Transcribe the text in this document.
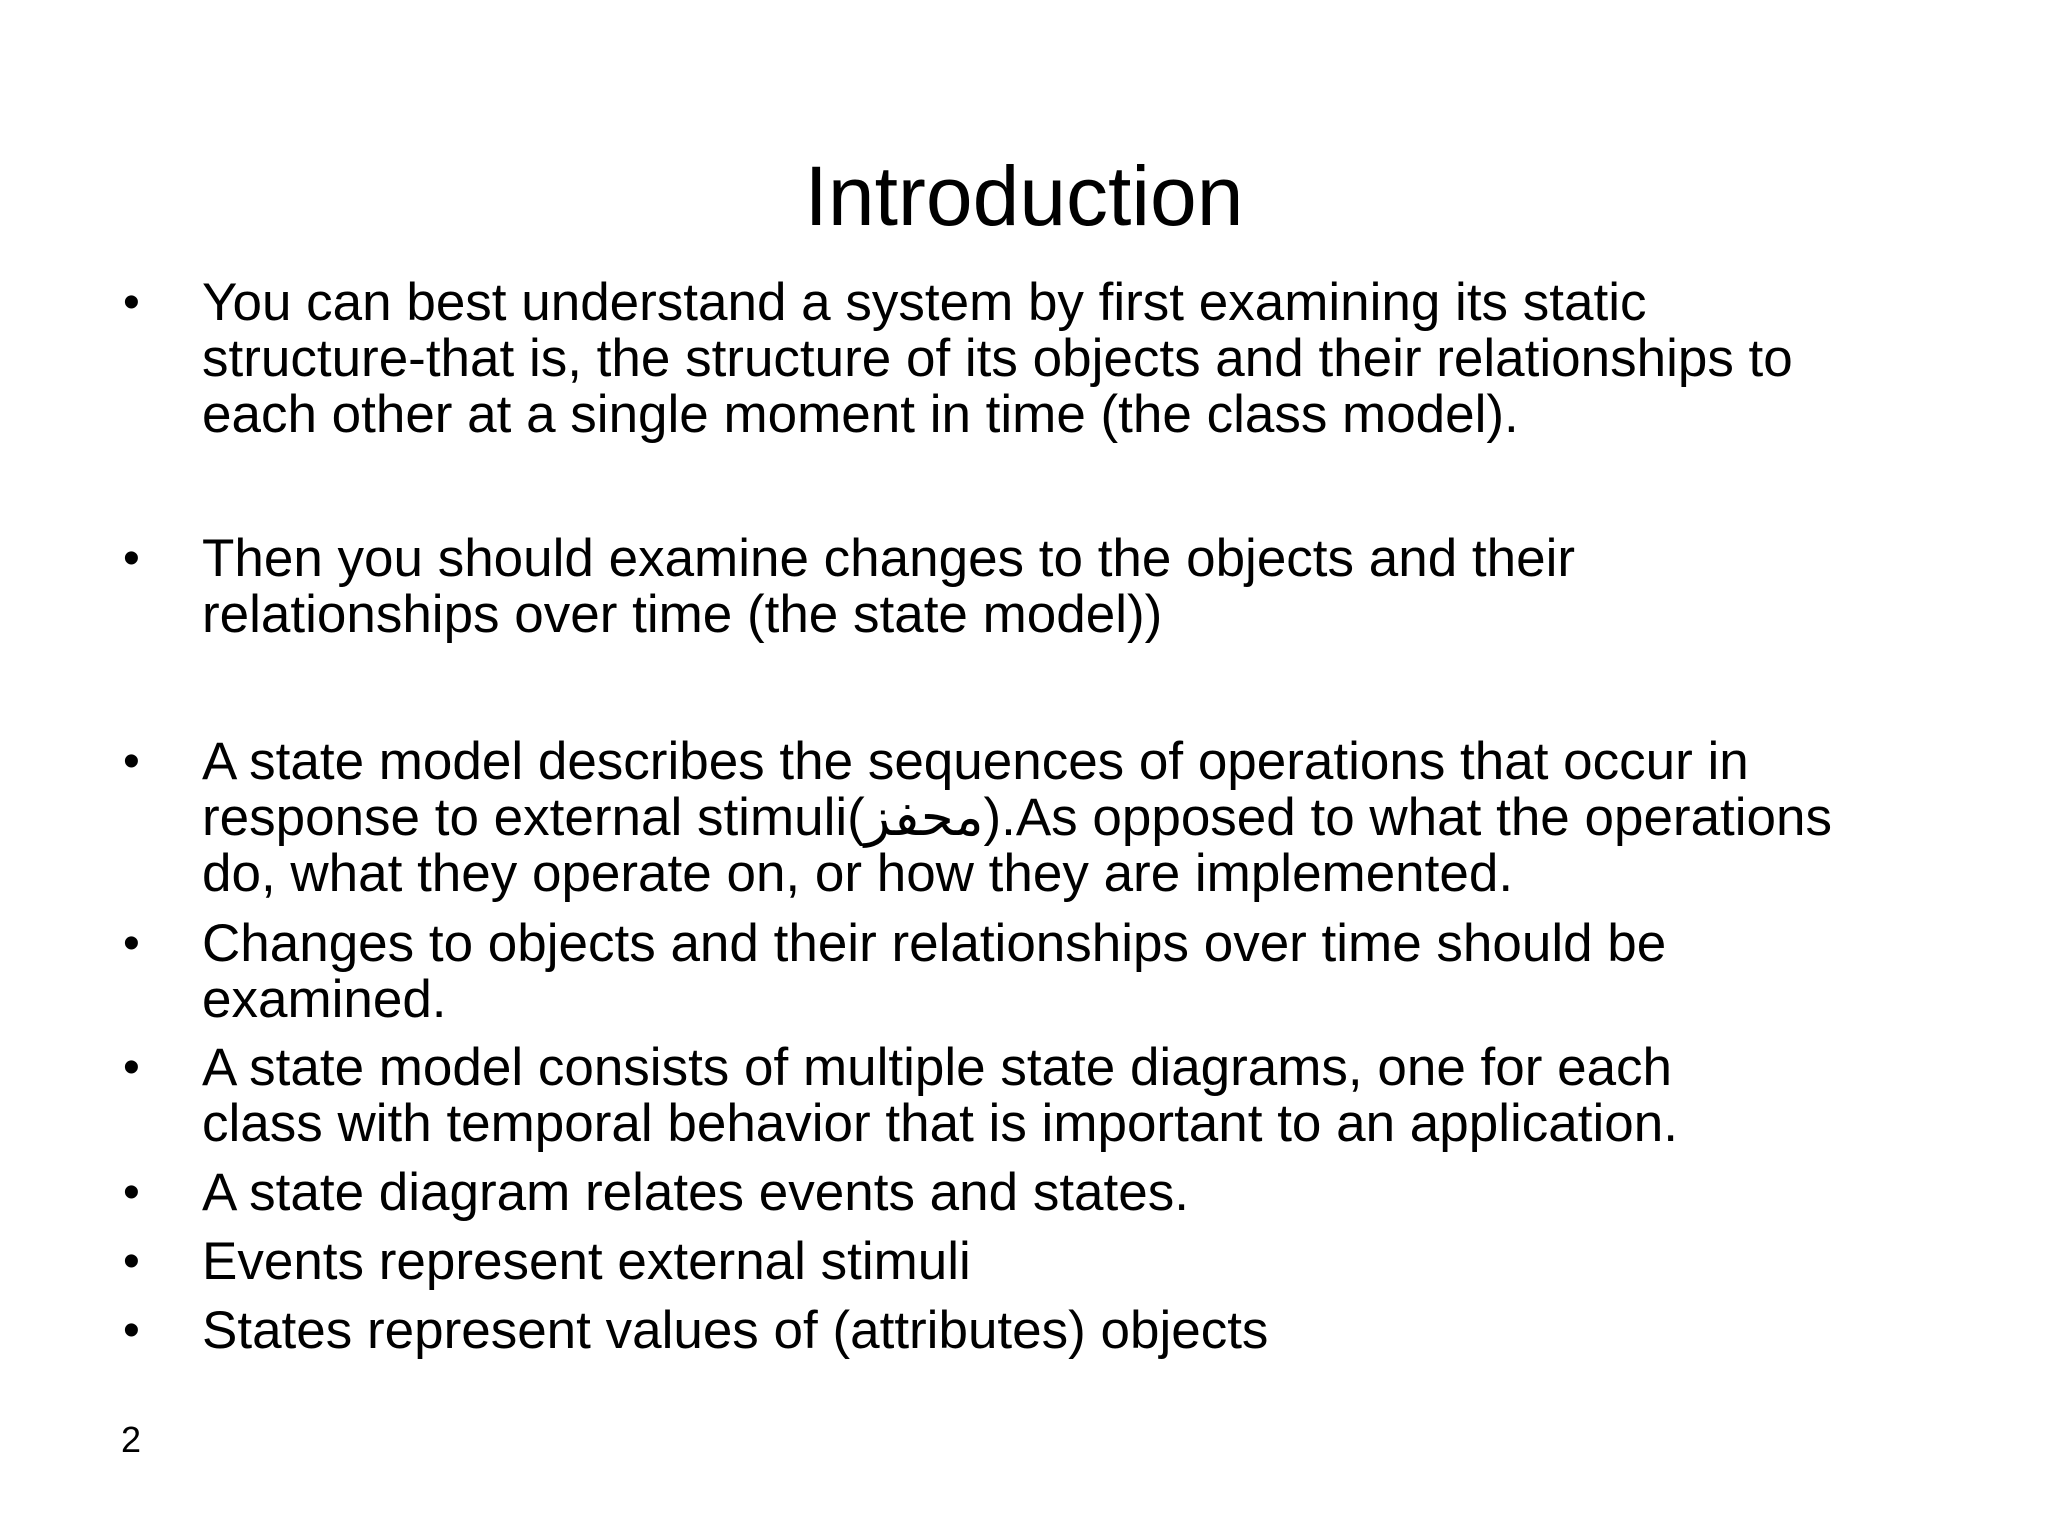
Introduction
• You can best understand a system by first examining its static
structure-that is, the structure of its objects and their relationships to
each other at a single moment in time (the class model).
• Then you should examine changes to the objects and their
relationships over time (the state model))
• A state model describes the sequences of operations that occur in
response to external stimuli(محفز).As opposed to what the operations
do, what they operate on, or how they are implemented.
• Changes to objects and their relationships over time should be
examined.
• A state model consists of multiple state diagrams, one for each
class with temporal behavior that is important to an application.
• A state diagram relates events and states.
• Events represent external stimuli
• States represent values of (attributes) objects
2
